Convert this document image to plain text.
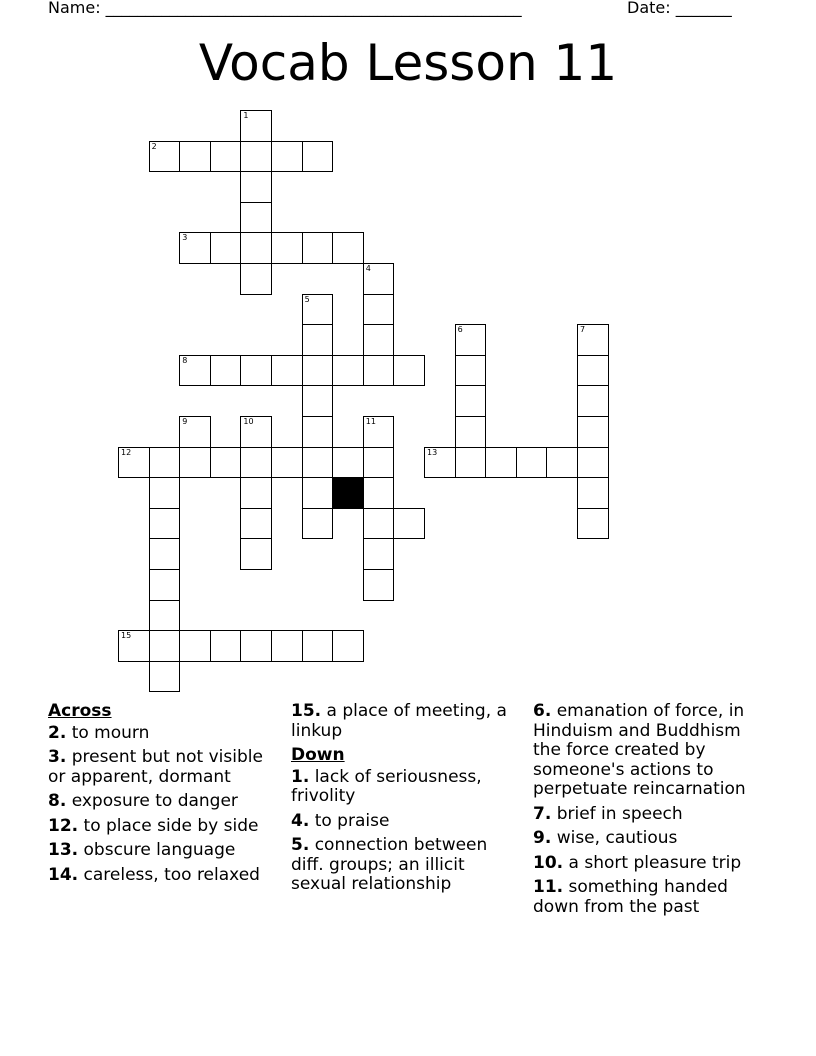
Name: ____________________________________________________	Date: _______
Vocab Lesson 11
1
2
3
4
5
6	7
8
9	10	11
12	13
15
Across
2. to mourn
3. present but not visible or apparent, dormant
8. exposure to danger
12. to place side by side
13. obscure language
14. careless, too relaxed
15. a place of meeting, a linkup
Down
1. lack of seriousness, frivolity
4. to praise
5. connection between diff. groups; an illicit sexual relationship
6. emanation of force, in Hinduism and Buddhism the force created by someone's actions to perpetuate reincarnation
7. brief in speech
9. wise, cautious
10. a short pleasure trip
11. something handed down from the past
